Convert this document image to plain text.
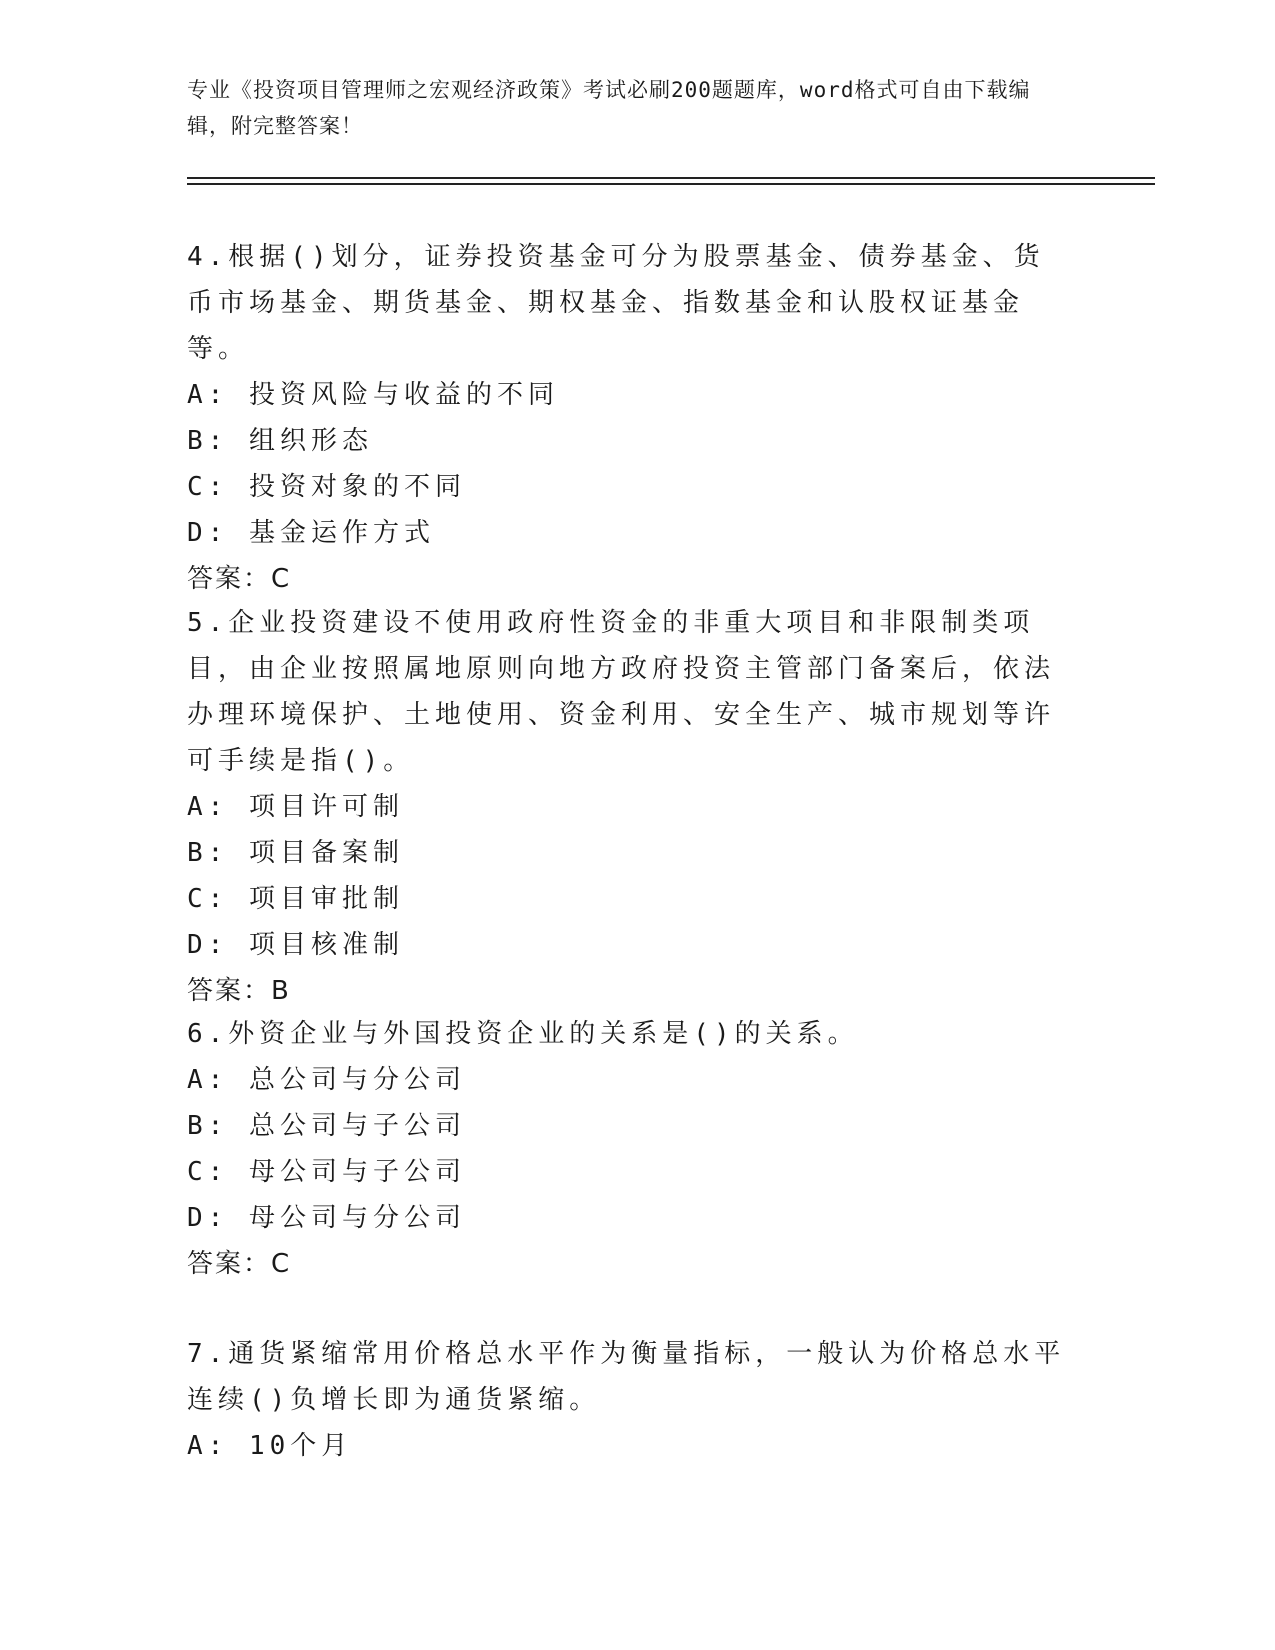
专业《投资项目管理师之宏观经济政策》考试必刷200题题库，word格式可自由下载编辑，附完整答案！
4.根据()划分，证券投资基金可分为股票基金、债券基金、货币市场基金、期货基金、期权基金、指数基金和认股权证基金等。
A: 投资风险与收益的不同
B: 组织形态
C: 投资对象的不同
D: 基金运作方式
答案：C
5.企业投资建设不使用政府性资金的非重大项目和非限制类项目，由企业按照属地原则向地方政府投资主管部门备案后，依法办理环境保护、土地使用、资金利用、安全生产、城市规划等许可手续是指()。
A: 项目许可制
B: 项目备案制
C: 项目审批制
D: 项目核准制
答案：B
6.外资企业与外国投资企业的关系是()的关系。
A: 总公司与分公司
B: 总公司与子公司
C: 母公司与子公司
D: 母公司与分公司
答案：C
7.通货紧缩常用价格总水平作为衡量指标，一般认为价格总水平连续()负增长即为通货紧缩。
A: 10个月
